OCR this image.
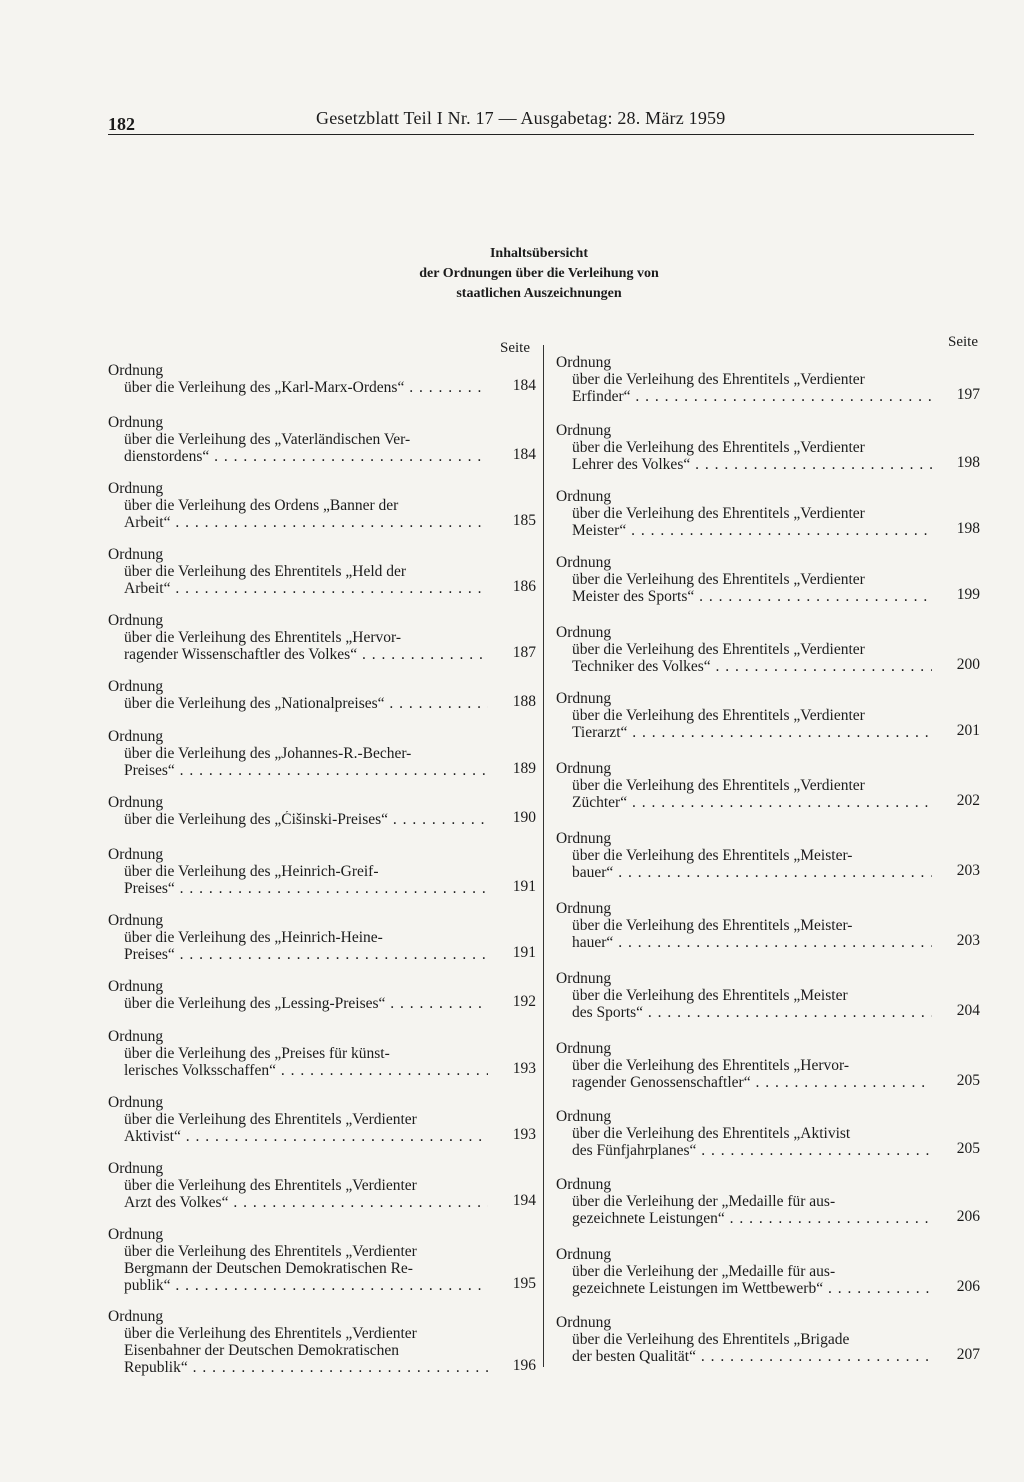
182	Gesetzblatt Teil I Nr. 17 — Ausgabetag: 28. März 1959
Inhaltsübersicht
der Ordnungen über die Verleihung von
staatlichen Auszeichnungen
Seite
Ordnung
über die Verleihung des „Karl-Marx-Ordens“ . . .	184
Ordnung
über die Verleihung des „Vaterländischen Ver-
dienstordens“ . . .	184
Ordnung
über die Verleihung des Ordens „Banner der
Arbeit“ . . .	185
Ordnung
über die Verleihung des Ehrentitels „Held der
Arbeit“ . . .	186
Ordnung
über die Verleihung des Ehrentitels „Hervor-
ragender Wissenschaftler des Volkes“ . . .	187
Ordnung
über die Verleihung des „Nationalpreises“ . . .	188
Ordnung
über die Verleihung des „Johannes-R.-Becher-
Preises“ . . .	189
Ordnung
über die Verleihung des „Ćišinski-Preises“ . . .	190
Ordnung
über die Verleihung des „Heinrich-Greif-
Preises“ . . .	191
Ordnung
über die Verleihung des „Heinrich-Heine-
Preises“ . . .	191
Ordnung
über die Verleihung des „Lessing-Preises“ . . .	192
Ordnung
über die Verleihung des „Preises für künst-
lerisches Volksschaffen“ . . .	193
Ordnung
über die Verleihung des Ehrentitels „Verdienter
Aktivist“ . . .	193
Ordnung
über die Verleihung des Ehrentitels „Verdienter
Arzt des Volkes“ . . .	194
Ordnung
über die Verleihung des Ehrentitels „Verdienter
Bergmann der Deutschen Demokratischen Re-
publik“ . . .	195
Ordnung
über die Verleihung des Ehrentitels „Verdienter
Eisenbahner der Deutschen Demokratischen
Republik“ . . .	196
Seite
Ordnung
über die Verleihung des Ehrentitels „Verdienter
Erfinder“ . . .	197
Ordnung
über die Verleihung des Ehrentitels „Verdienter
Lehrer des Volkes“ . . .	198
Ordnung
über die Verleihung des Ehrentitels „Verdienter
Meister“ . . .	198
Ordnung
über die Verleihung des Ehrentitels „Verdienter
Meister des Sports“ . . .	199
Ordnung
über die Verleihung des Ehrentitels „Verdienter
Techniker des Volkes“ . . .	200
Ordnung
über die Verleihung des Ehrentitels „Verdienter
Tierarzt“ . . .	201
Ordnung
über die Verleihung des Ehrentitels „Verdienter
Züchter“ . . .	202
Ordnung
über die Verleihung des Ehrentitels „Meister-
bauer“ . . .	203
Ordnung
über die Verleihung des Ehrentitels „Meister-
hauer“ . . .	203
Ordnung
über die Verleihung des Ehrentitels „Meister
des Sports“ . . .	204
Ordnung
über die Verleihung des Ehrentitels „Hervor-
ragender Genossenschaftler“ . . .	205
Ordnung
über die Verleihung des Ehrentitels „Aktivist
des Fünfjahrplanes“ . . .	205
Ordnung
über die Verleihung der „Medaille für aus-
gezeichnete Leistungen“ . . .	206
Ordnung
über die Verleihung der „Medaille für aus-
gezeichnete Leistungen im Wettbewerb“ . . .	206
Ordnung
über die Verleihung des Ehrentitels „Brigade
der besten Qualität“ . . .	207
